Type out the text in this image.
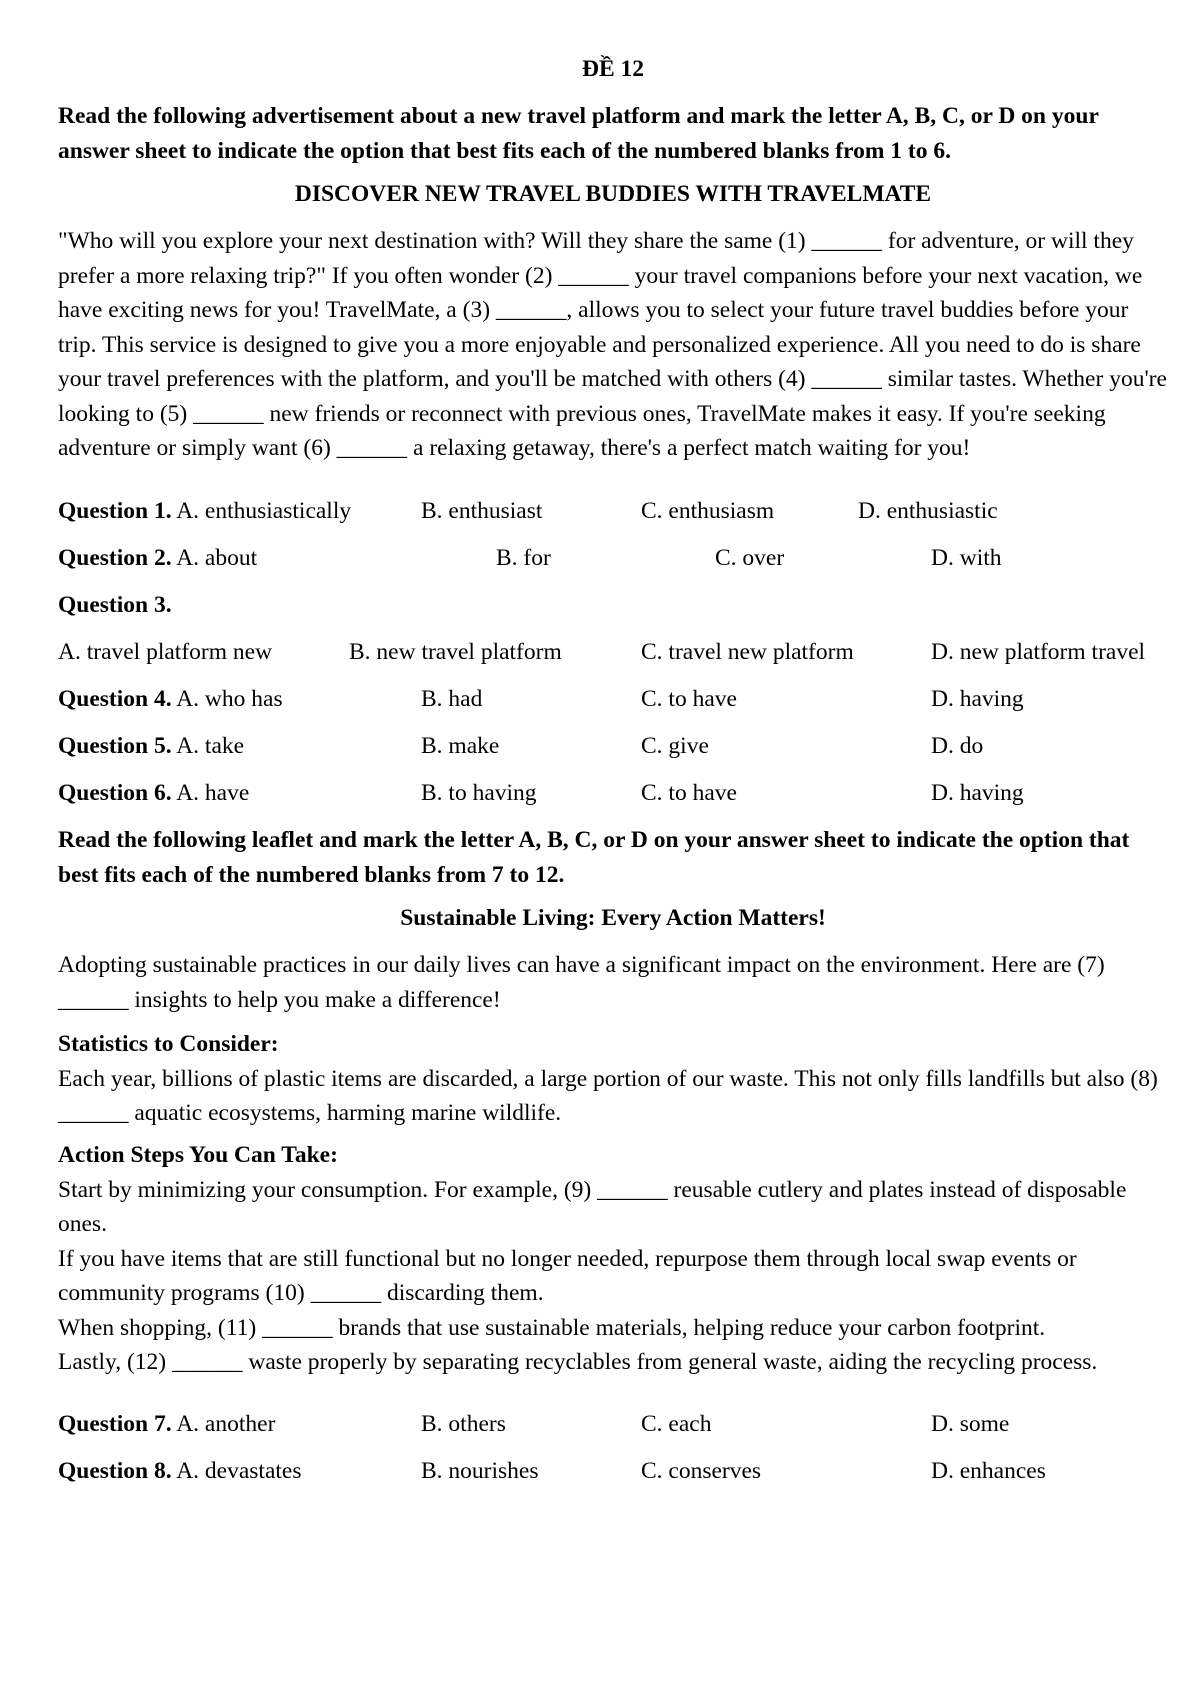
ĐỀ 12
Read the following advertisement about a new travel platform and mark the letter A, B, C, or D on your answer sheet to indicate the option that best fits each of the numbered blanks from 1 to 6.
DISCOVER NEW TRAVEL BUDDIES WITH TRAVELMATE
"Who will you explore your next destination with? Will they share the same (1) ______ for adventure, or will they prefer a more relaxing trip?" If you often wonder (2) ______ your travel companions before your next vacation, we have exciting news for you! TravelMate, a (3) ______, allows you to select your future travel buddies before your trip. This service is designed to give you a more enjoyable and personalized experience. All you need to do is share your travel preferences with the platform, and you'll be matched with others (4) ______ similar tastes. Whether you're looking to (5) ______ new friends or reconnect with previous ones, TravelMate makes it easy. If you're seeking adventure or simply want (6) ______ a relaxing getaway, there's a perfect match waiting for you!
Question 1. A. enthusiastically	B. enthusiast	C. enthusiasm	D. enthusiastic
Question 2. A. about	B. for	C. over	D. with
Question 3.
A. travel platform new	B. new travel platform	C. travel new platform	D. new platform travel
Question 4. A. who has	B. had	C. to have	D. having
Question 5. A. take	B. make	C. give	D. do
Question 6. A. have	B. to having	C. to have	D. having
Read the following leaflet and mark the letter A, B, C, or D on your answer sheet to indicate the option that best fits each of the numbered blanks from 7 to 12.
Sustainable Living: Every Action Matters!
Adopting sustainable practices in our daily lives can have a significant impact on the environment. Here are (7) ______ insights to help you make a difference!
Statistics to Consider:
Each year, billions of plastic items are discarded, a large portion of our waste. This not only fills landfills but also (8) ______ aquatic ecosystems, harming marine wildlife.
Action Steps You Can Take:
Start by minimizing your consumption. For example, (9) ______ reusable cutlery and plates instead of disposable ones.
If you have items that are still functional but no longer needed, repurpose them through local swap events or community programs (10) ______ discarding them.
When shopping, (11) ______ brands that use sustainable materials, helping reduce your carbon footprint.
Lastly, (12) ______ waste properly by separating recyclables from general waste, aiding the recycling process.
Question 7. A. another	B. others	C. each	D. some
Question 8. A. devastates	B. nourishes	C. conserves	D. enhances
